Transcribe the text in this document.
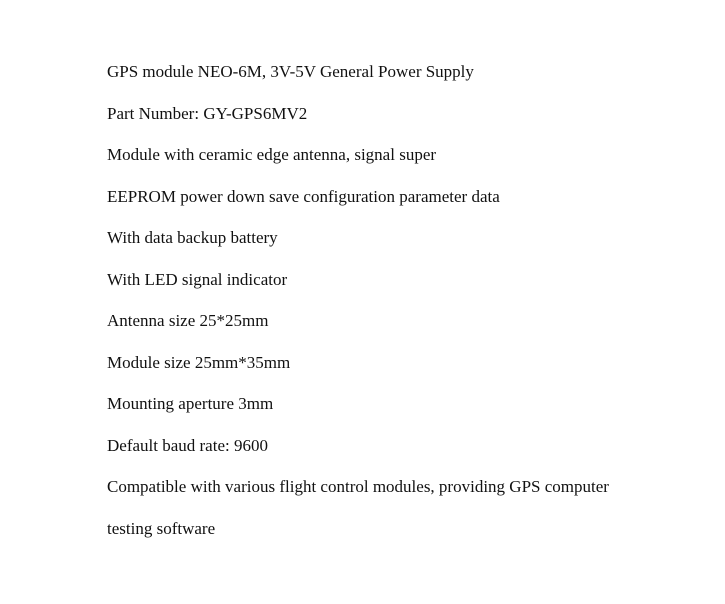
GPS module NEO-6M, 3V-5V General Power Supply
Part Number: GY-GPS6MV2
Module with ceramic edge antenna, signal super
EEPROM power down save configuration parameter data
With data backup battery
With LED signal indicator
Antenna size 25*25mm
Module size 25mm*35mm
Mounting aperture 3mm
Default baud rate: 9600
Compatible with various flight control modules, providing GPS computer
testing software
